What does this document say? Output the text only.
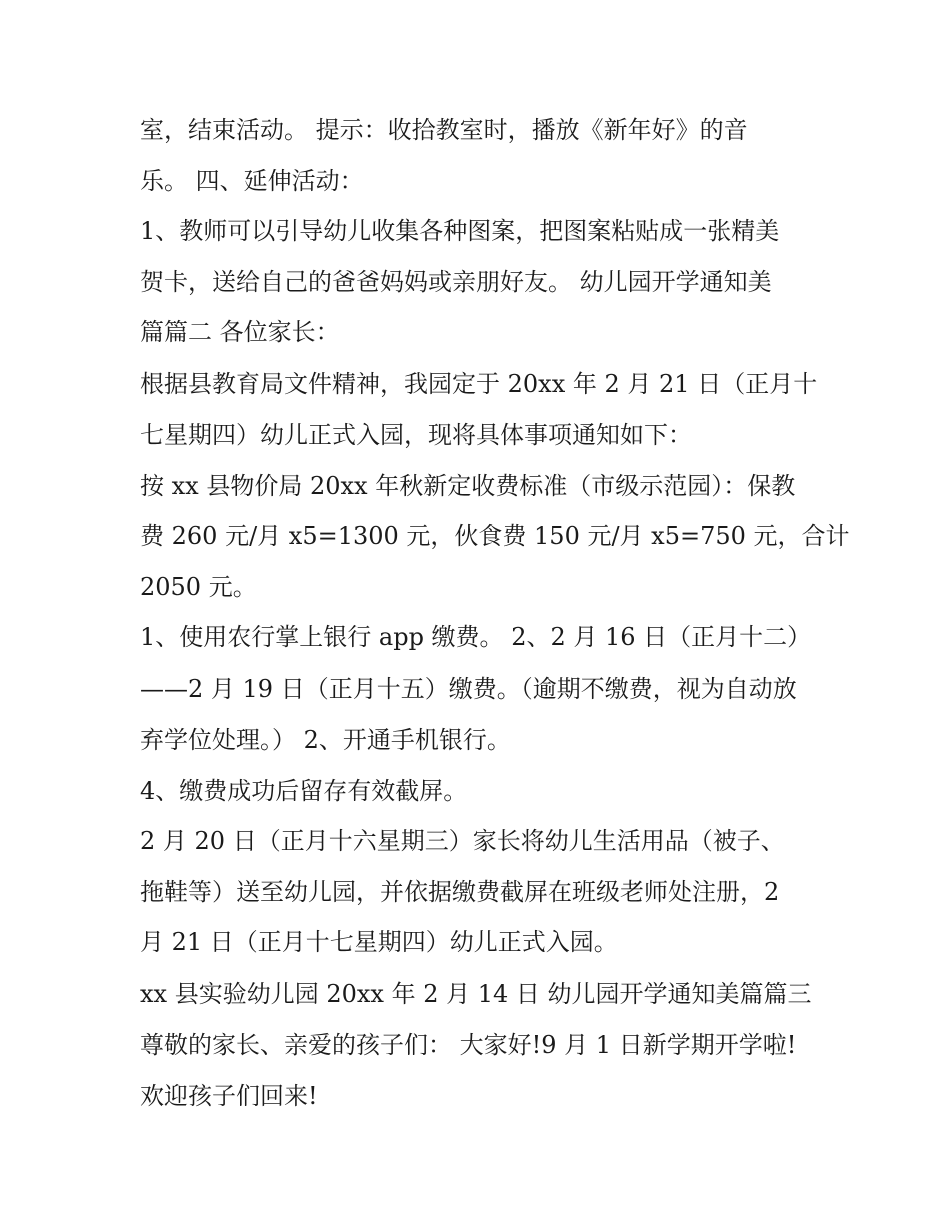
室，结束活动。 提示：收拾教室时，播放《新年好》的音
乐。 四、延伸活动：
1、教师可以引导幼儿收集各种图案，把图案粘贴成一张精美
贺卡，送给自己的爸爸妈妈或亲朋好友。 幼儿园开学通知美
篇篇二 各位家长：
根据县教育局文件精神，我园定于 20xx 年 2 月 21 日（正月十
七星期四）幼儿正式入园，现将具体事项通知如下：
按 xx 县物价局 20xx 年秋新定收费标准（市级示范园）：保教
费 260 元/月 x5=1300 元，伙食费 150 元/月 x5=750 元，合计
2050 元。
1、使用农行掌上银行 app 缴费。 2、2 月 16 日（正月十二）
——2 月 19 日（正月十五）缴费。（逾期不缴费，视为自动放
弃学位处理。） 2、开通手机银行。
4、缴费成功后留存有效截屏。
2 月 20 日（正月十六星期三）家长将幼儿生活用品（被子、
拖鞋等）送至幼儿园，并依据缴费截屏在班级老师处注册，2
月 21 日（正月十七星期四）幼儿正式入园。
xx 县实验幼儿园 20xx 年 2 月 14 日 幼儿园开学通知美篇篇三
尊敬的家长、亲爱的孩子们： 大家好!9 月 1 日新学期开学啦!
欢迎孩子们回来!
